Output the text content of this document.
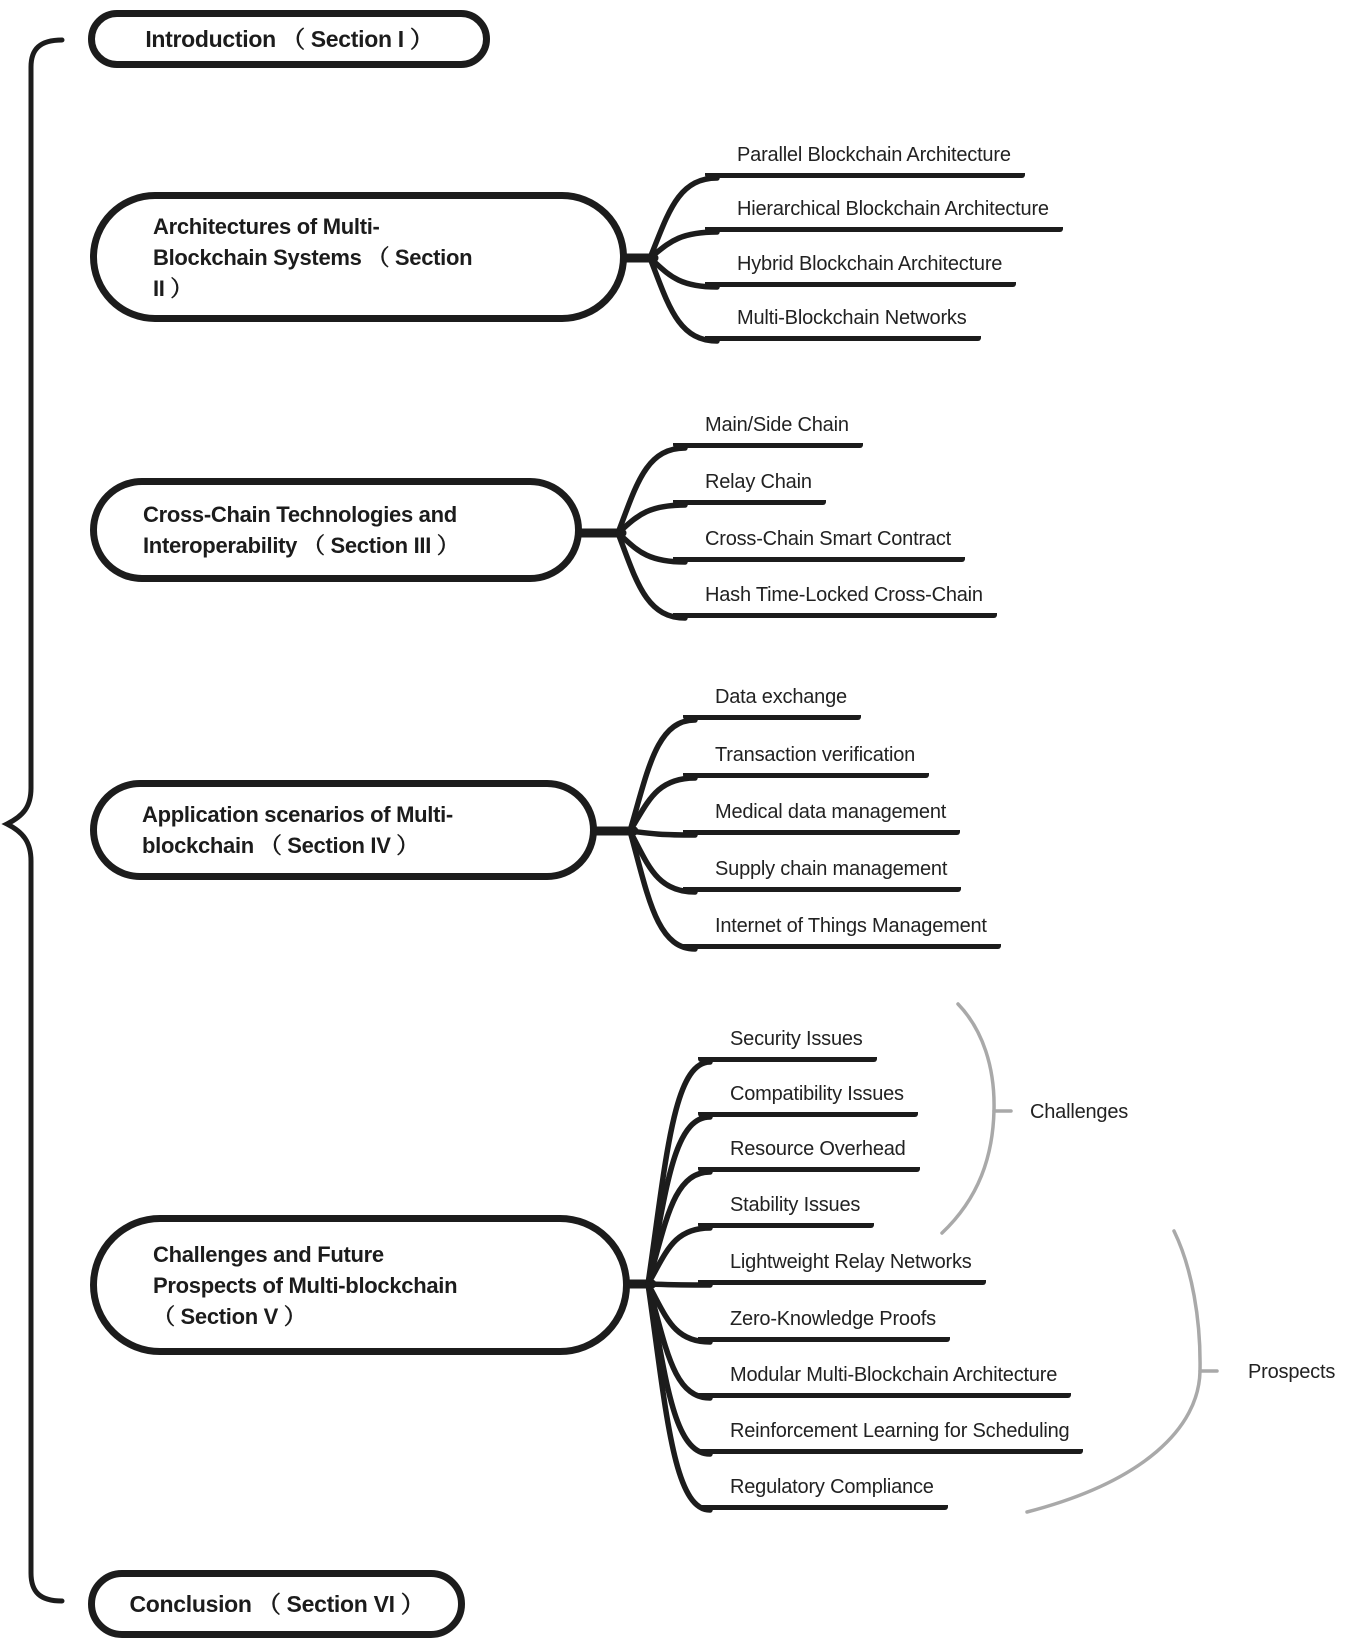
Introduction （ Section I ）
Architectures of Multi-
Blockchain Systems （ Section
II ）
Parallel Blockchain Architecture
Hierarchical Blockchain Architecture
Hybrid Blockchain Architecture
Multi-Blockchain Networks
Cross-Chain Technologies and
Interoperability （ Section III ）
Main/Side Chain
Relay Chain
Cross-Chain Smart Contract
Hash Time-Locked Cross-Chain
Application scenarios of Multi-
blockchain （ Section IV ）
Data exchange
Transaction verification
Medical data management
Supply chain management
Internet of Things Management
Challenges and Future
Prospects of Multi-blockchain
（ Section V ）
Security Issues
Compatibility Issues
Resource Overhead
Stability Issues
Lightweight Relay Networks
Zero-Knowledge Proofs
Modular Multi-Blockchain Architecture
Reinforcement Learning for Scheduling
Regulatory Compliance
Conclusion （ Section VI ）
Challenges
Prospects
